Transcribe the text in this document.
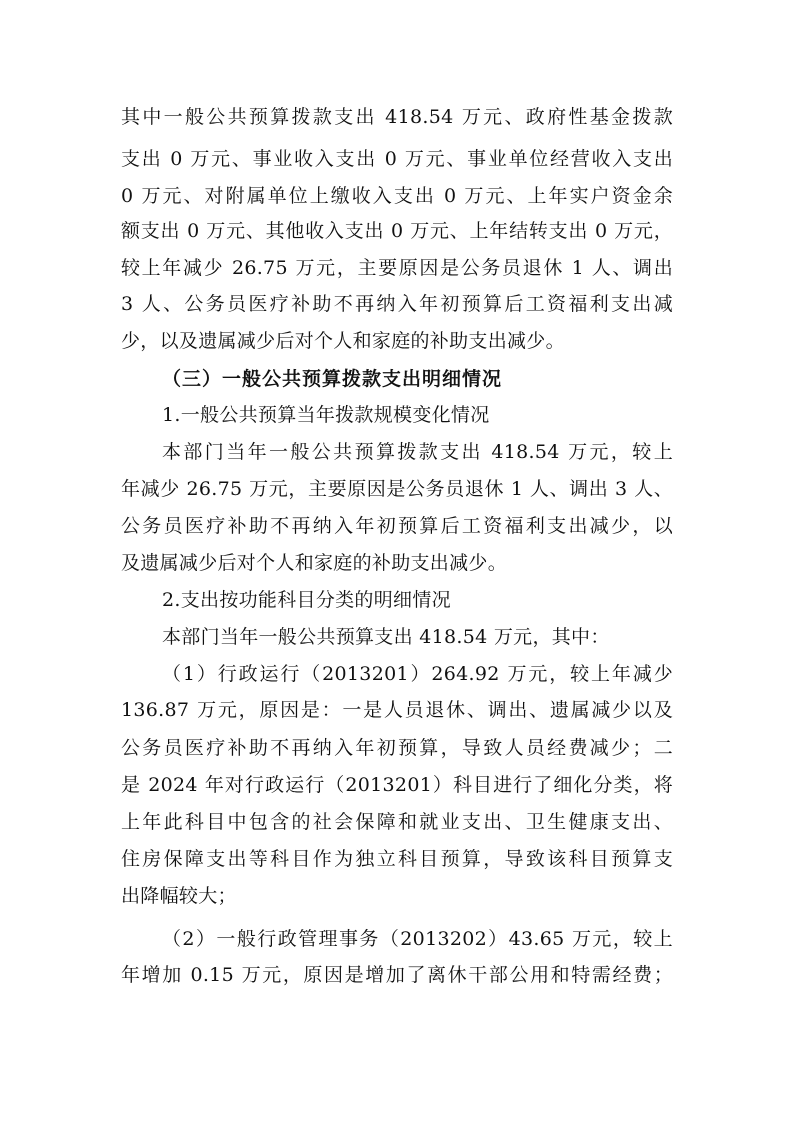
其中一般公共预算拨款支出 418.54 万元、政府性基金拨款
支出 0 万元、事业收入支出 0 万元、事业单位经营收入支出
0 万元、对附属单位上缴收入支出 0 万元、上年实户资金余
额支出 0 万元、其他收入支出 0 万元、上年结转支出 0 万元，
较上年减少 26.75 万元，主要原因是公务员退休 1 人、调出
3 人、公务员医疗补助不再纳入年初预算后工资福利支出减
少，以及遗属减少后对个人和家庭的补助支出减少。
（三）一般公共预算拨款支出明细情况
1.一般公共预算当年拨款规模变化情况
本部门当年一般公共预算拨款支出 418.54 万元，较上
年减少 26.75 万元，主要原因是公务员退休 1 人、调出 3 人、
公务员医疗补助不再纳入年初预算后工资福利支出减少，以
及遗属减少后对个人和家庭的补助支出减少。
2.支出按功能科目分类的明细情况
本部门当年一般公共预算支出 418.54 万元，其中：
（1）行政运行（2013201）264.92 万元，较上年减少
136.87 万元，原因是：一是人员退休、调出、遗属减少以及
公务员医疗补助不再纳入年初预算，导致人员经费减少；二
是 2024 年对行政运行（2013201）科目进行了细化分类，将
上年此科目中包含的社会保障和就业支出、卫生健康支出、
住房保障支出等科目作为独立科目预算，导致该科目预算支
出降幅较大；
（2）一般行政管理事务（2013202）43.65 万元，较上
年增加 0.15 万元，原因是增加了离休干部公用和特需经费；
